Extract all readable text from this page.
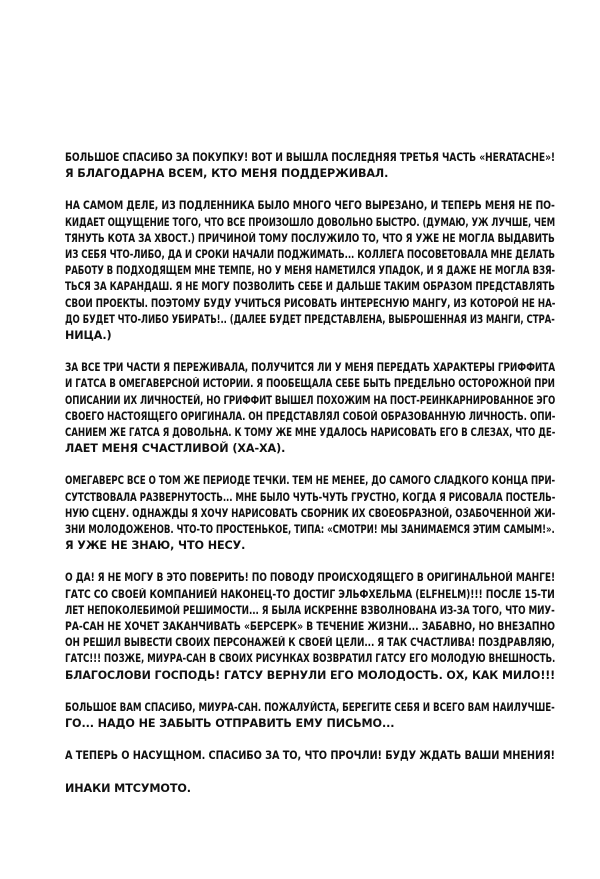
БОЛЬШОЕ СПАСИБО ЗА ПОКУПКУ! ВОТ И ВЫШЛА ПОСЛЕДНЯЯ ТРЕТЬЯ ЧАСТЬ «HERATACHE»!
Я БЛАГОДАРНА ВСЕМ, КТО МЕНЯ ПОДДЕРЖИВАЛ.

НА САМОМ ДЕЛЕ, ИЗ ПОДЛЕННИКА БЫЛО МНОГО ЧЕГО ВЫРЕЗАНО, И ТЕПЕРЬ МЕНЯ НЕ ПО-
КИДАЕТ ОЩУЩЕНИЕ ТОГО, ЧТО ВСЕ ПРОИЗОШЛО ДОВОЛЬНО БЫСТРО. (ДУМАЮ, УЖ ЛУЧШЕ, ЧЕМ
ТЯНУТЬ КОТА ЗА ХВОСТ.) ПРИЧИНОЙ ТОМУ ПОСЛУЖИЛО ТО, ЧТО Я УЖЕ НЕ МОГЛА ВЫДАВИТЬ
ИЗ СЕБЯ ЧТО-ЛИБО, ДА И СРОКИ НАЧАЛИ ПОДЖИМАТЬ... КОЛЛЕГА ПОСОВЕТОВАЛА МНЕ ДЕЛАТЬ
РАБОТУ В ПОДХОДЯЩЕМ МНЕ ТЕМПЕ, НО У МЕНЯ НАМЕТИЛСЯ УПАДОК, И Я ДАЖЕ НЕ МОГЛА ВЗЯ-
ТЬСЯ ЗА КАРАНДАШ. Я НЕ МОГУ ПОЗВОЛИТЬ СЕБЕ И ДАЛЬШЕ ТАКИМ ОБРАЗОМ ПРЕДСТАВЛЯТЬ
СВОИ ПРОЕКТЫ. ПОЭТОМУ БУДУ УЧИТЬСЯ РИСОВАТЬ ИНТЕРЕСНУЮ МАНГУ, ИЗ КОТОРОЙ НЕ НА-
ДО БУДЕТ ЧТО-ЛИБО УБИРАТЬ!.. (ДАЛЕЕ БУДЕТ ПРЕДСТАВЛЕНА, ВЫБРОШЕННАЯ ИЗ МАНГИ, СТРА-
НИЦА.)

ЗА ВСЕ ТРИ ЧАСТИ Я ПЕРЕЖИВАЛА, ПОЛУЧИТСЯ ЛИ У МЕНЯ ПЕРЕДАТЬ ХАРАКТЕРЫ ГРИФФИТА
И ГАТСА В ОМЕГАВЕРСНОЙ ИСТОРИИ. Я ПООБЕЩАЛА СЕБЕ БЫТЬ ПРЕДЕЛЬНО ОСТОРОЖНОЙ ПРИ
ОПИСАНИИ ИХ ЛИЧНОСТЕЙ, НО ГРИФФИТ ВЫШЕЛ ПОХОЖИМ НА ПОСТ-РЕИНКАРНИРОВАННОЕ ЭГО
СВОЕГО НАСТОЯЩЕГО ОРИГИНАЛА. ОН ПРЕДСТАВЛЯЛ СОБОЙ ОБРАЗОВАННУЮ ЛИЧНОСТЬ. ОПИ-
САНИЕМ ЖЕ ГАТСА Я ДОВОЛЬНА. К ТОМУ ЖЕ МНЕ УДАЛОСЬ НАРИСОВАТЬ ЕГО В СЛЕЗАХ, ЧТО ДЕ-
ЛАЕТ МЕНЯ СЧАСТЛИВОЙ (ХА-ХА).

ОМЕГАВЕРС ВСЕ О ТОМ ЖЕ ПЕРИОДЕ ТЕЧКИ. ТЕМ НЕ МЕНЕЕ, ДО САМОГО СЛАДКОГО КОНЦА ПРИ-
СУТСТВОВАЛА РАЗВЕРНУТОСТЬ... МНЕ БЫЛО ЧУТЬ-ЧУТЬ ГРУСТНО, КОГДА Я РИСОВАЛА ПОСТЕЛЬ-
НУЮ СЦЕНУ. ОДНАЖДЫ Я ХОЧУ НАРИСОВАТЬ СБОРНИК ИХ СВОЕОБРАЗНОЙ, ОЗАБОЧЕННОЙ ЖИ-
ЗНИ МОЛОДОЖЕНОВ. ЧТО-ТО ПРОСТЕНЬКОЕ, ТИПА: «СМОТРИ! МЫ ЗАНИМАЕМСЯ ЭТИМ САМЫМ!».
Я УЖЕ НЕ ЗНАЮ, ЧТО НЕСУ.

О ДА! Я НЕ МОГУ В ЭТО ПОВЕРИТЬ! ПО ПОВОДУ ПРОИСХОДЯЩЕГО В ОРИГИНАЛЬНОЙ МАНГЕ!
ГАТС СО СВОЕЙ КОМПАНИЕЙ НАКОНЕЦ-ТО ДОСТИГ ЭЛЬФХЕЛЬМА (ELFHELM)!!! ПОСЛЕ 15-ТИ
ЛЕТ НЕПОКОЛЕБИМОЙ РЕШИМОСТИ... Я БЫЛА ИСКРЕННЕ ВЗВОЛНОВАНА ИЗ-ЗА ТОГО, ЧТО МИУ-
РА-САН НЕ ХОЧЕТ ЗАКАНЧИВАТЬ «БЕРСЕРК» В ТЕЧЕНИЕ ЖИЗНИ... ЗАБАВНО, НО ВНЕЗАПНО
ОН РЕШИЛ ВЫВЕСТИ СВОИХ ПЕРСОНАЖЕЙ К СВОЕЙ ЦЕЛИ... Я ТАК СЧАСТЛИВА! ПОЗДРАВЛЯЮ,
ГАТС!!! ПОЗЖЕ, МИУРА-САН В СВОИХ РИСУНКАХ ВОЗВРАТИЛ ГАТСУ ЕГО МОЛОДУЮ ВНЕШНОСТЬ.
БЛАГОСЛОВИ ГОСПОДЬ! ГАТСУ ВЕРНУЛИ ЕГО МОЛОДОСТЬ. ОХ, КАК МИЛО!!!

БОЛЬШОЕ ВАМ СПАСИБО, МИУРА-САН. ПОЖАЛУЙСТА, БЕРЕГИТЕ СЕБЯ И ВСЕГО ВАМ НАИЛУЧШЕ-
ГО... НАДО НЕ ЗАБЫТЬ ОТПРАВИТЬ ЕМУ ПИСЬМО...

А ТЕПЕРЬ О НАСУЩНОМ. СПАСИБО ЗА ТО, ЧТО ПРОЧЛИ! БУДУ ЖДАТЬ ВАШИ МНЕНИЯ!

ИНАКИ МТСУМОТО.
